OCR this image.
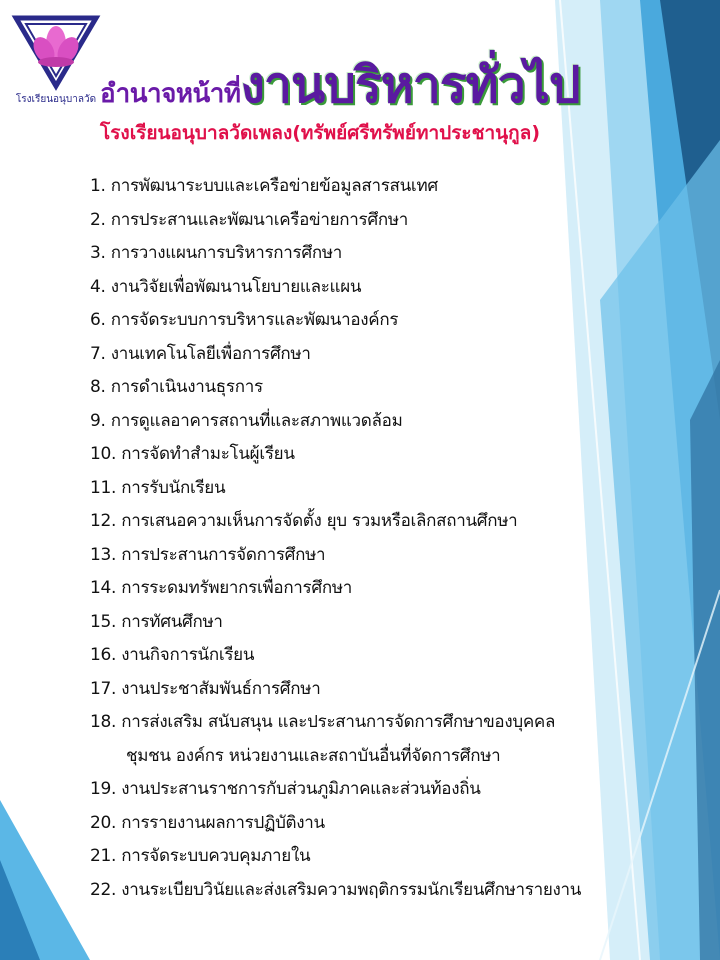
โรงเรียนอนุบาลวัด อำนาจหน้าที่งานบริหารทั่วไป
โรงเรียนอนุบาลวัดเพลง(ทรัพย์ศรีทรัพย์ทาประชานุกูล)
1. การพัฒนาระบบและเครือข่ายข้อมูลสารสนเทศ
2. การประสานและพัฒนาเครือข่ายการศึกษา
3. การวางแผนการบริหารการศึกษา
4. งานวิจัยเพื่อพัฒนานโยบายและแผน
6. การจัดระบบการบริหารและพัฒนาองค์กร
7. งานเทคโนโลยีเพื่อการศึกษา
8. การดำเนินงานธุรการ
9. การดูแลอาคารสถานที่และสภาพแวดล้อม
10. การจัดทำสำมะโนผู้เรียน
11. การรับนักเรียน
12. การเสนอความเห็นการจัดตั้ง ยุบ รวมหรือเลิกสถานศึกษา
13. การประสานการจัดการศึกษา
14. การระดมทรัพยากรเพื่อการศึกษา
15. การทัศนศึกษา
16. งานกิจการนักเรียน
17. งานประชาสัมพันธ์การศึกษา
18. การส่งเสริม สนับสนุน และประสานการจัดการศึกษาของบุคคล
ชุมชน องค์กร หน่วยงานและสถาบันอื่นที่จัดการศึกษา
19. งานประสานราชการกับส่วนภูมิภาคและส่วนท้องถิ่น
20. การรายงานผลการปฏิบัติงาน
21. การจัดระบบควบคุมภายใน
22. งานระเบียบวินัยและส่งเสริมความพฤติกรรมนักเรียนศึกษารายงาน
